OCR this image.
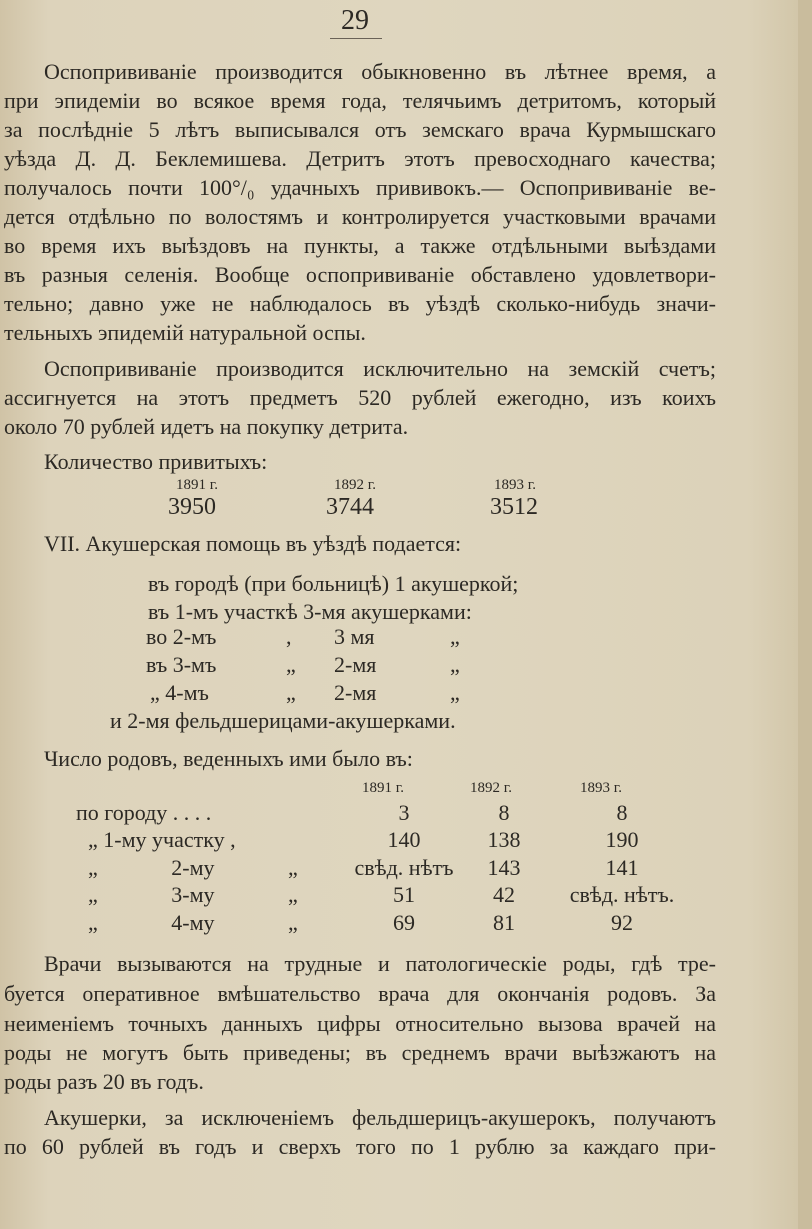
29
Оспопрививаніе производится обыкновенно въ лѣтнее время, а
при эпидеміи во всякое время года, телячьимъ детритомъ, который
за послѣдніе 5 лѣтъ выписывался отъ земскаго врача Курмышскаго
уѣзда Д. Д. Беклемишева. Детритъ этотъ превосходнаго качества;
получалось почти 100°/₀ удачныхъ прививокъ.— Оспопрививаніе ве-
дется отдѣльно по волостямъ и контролируется участковыми врачами
во время ихъ выѣздовъ на пункты, а также отдѣльными выѣздами
въ разныя селенія. Вообще оспопрививаніе обставлено удовлетвори-
тельно; давно уже не наблюдалось въ уѣздѣ сколько-нибудь значи-
тельныхъ эпидемій натуральной оспы.
Оспопрививаніе производится исключительно на земскій счетъ;
ассигнуется на этотъ предметъ 520 рублей ежегодно, изъ коихъ
около 70 рублей идетъ на покупку детрита.
Количество привитыхъ:
1891 г.	1892 г.	1893 г.
3950	3744	3512
VII. Акушерская помощь въ уѣздѣ подается:
въ городѣ (при больницѣ) 1 акушеркой;
въ 1-мъ участкѣ 3-мя акушерками:
во 2-мъ	, 3 мя	„
въ 3-мъ	„ 2-мя	„
„ 4-мъ	„ 2-мя	„
и 2-мя фельдшерицами-акушерками.
Число родовъ, веденныхъ ими было въ:
1891 г.	1892 г.	1893 г.
по городу . . . .	3	8	8
„ 1-му участку ,	140	138	190
„ 2-му „	свѣд. нѣтъ	143	141
„ 3-му „	51	42	свѣд. нѣтъ.
„ 4-му „	69	81	92
Врачи вызываются на трудные и патологическіе роды, гдѣ тре-
буется оперативное вмѣшательство врача для окончанія родовъ. За
неименіемъ точныхъ данныхъ цифры относительно вызова врачей на
роды не могутъ быть приведены; въ среднемъ врачи выѣзжаютъ на
роды разъ 20 въ годъ.
Акушерки, за исключеніемъ фельдшерицъ-акушерокъ, получаютъ
по 60 рублей въ годъ и сверхъ того по 1 рублю за каждаго при-
